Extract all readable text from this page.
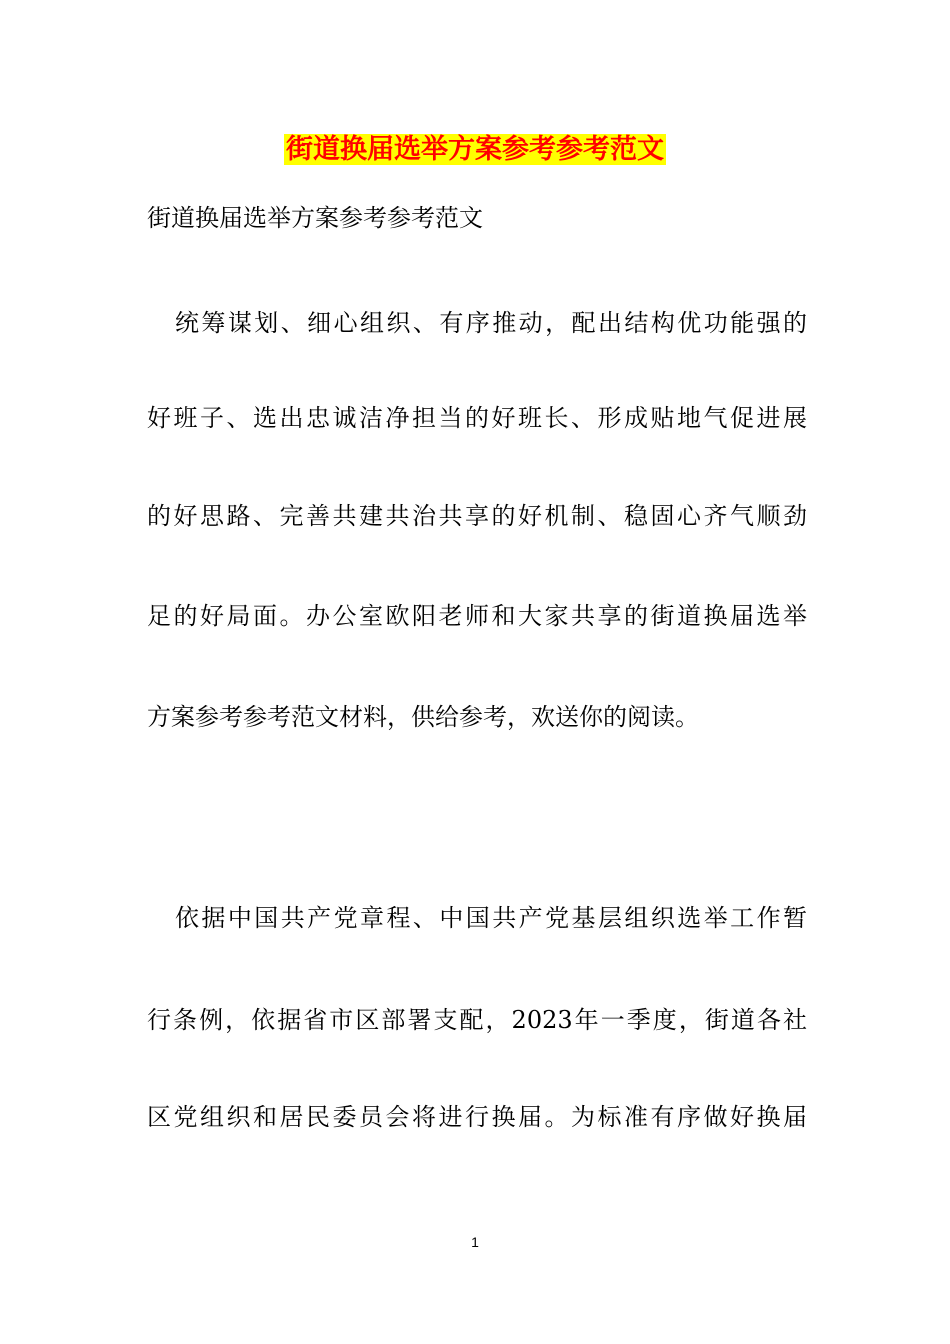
街道换届选举方案参考参考范文
街道换届选举方案参考参考范文
统筹谋划、细心组织、有序推动，配出结构优功能强的
好班子、选出忠诚洁净担当的好班长、形成贴地气促进展
的好思路、完善共建共治共享的好机制、稳固心齐气顺劲
足的好局面。办公室欧阳老师和大家共享的街道换届选举
方案参考参考范文材料，供给参考，欢送你的阅读。
依据中国共产党章程、中国共产党基层组织选举工作暂
行条例，依据省市区部署支配，2023年一季度，街道各社
区党组织和居民委员会将进行换届。为标准有序做好换届
1
